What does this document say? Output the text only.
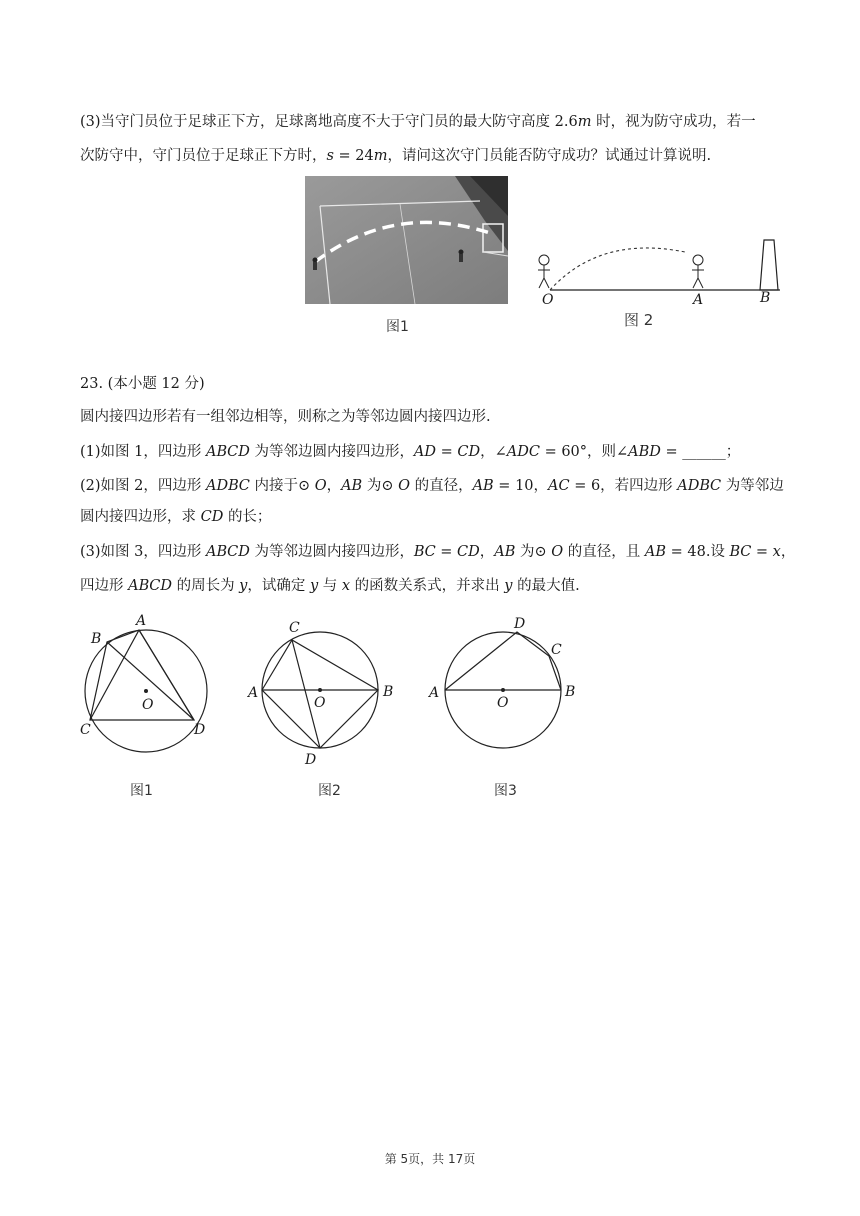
(3)当守门员位于足球正下方，足球离地高度不大于守门员的最大防守高度 2.6𝑚 时，视为防守成功，若一
次防守中，守门员位于足球正下方时，𝑠 = 24𝑚，请问这次守门员能否防守成功？试通过计算说明.
图1
O	A	B
图 2
23. (本小题 12 分)
圆内接四边形若有一组邻边相等，则称之为等邻边圆内接四边形.
(1)如图 1，四边形 𝐴𝐵𝐶𝐷 为等邻边圆内接四边形，𝐴𝐷 = 𝐶𝐷，∠𝐴𝐷𝐶 = 60°，则∠𝐴𝐵𝐷 = ______；
(2)如图 2，四边形 𝐴𝐷𝐵𝐶 内接于⊙ 𝑂，𝐴𝐵 为⊙ 𝑂 的直径，𝐴𝐵 = 10，𝐴𝐶 = 6，若四边形 𝐴𝐷𝐵𝐶 为等邻边
圆内接四边形，求 𝐶𝐷 的长；
(3)如图 3，四边形 𝐴𝐵𝐶𝐷 为等邻边圆内接四边形，𝐵𝐶 = 𝐶𝐷，𝐴𝐵 为⊙ 𝑂 的直径，且 𝐴𝐵 = 48.设 𝐵𝐶 = 𝑥，
四边形 𝐴𝐵𝐶𝐷 的周长为 𝑦，试确定 𝑦 与 𝑥 的函数关系式，并求出 𝑦 的最大值.
A
B
C	D
O
图1
A	B
C
D
O
图2
A	B
C
D
O
图3
第 5页，共 17页
